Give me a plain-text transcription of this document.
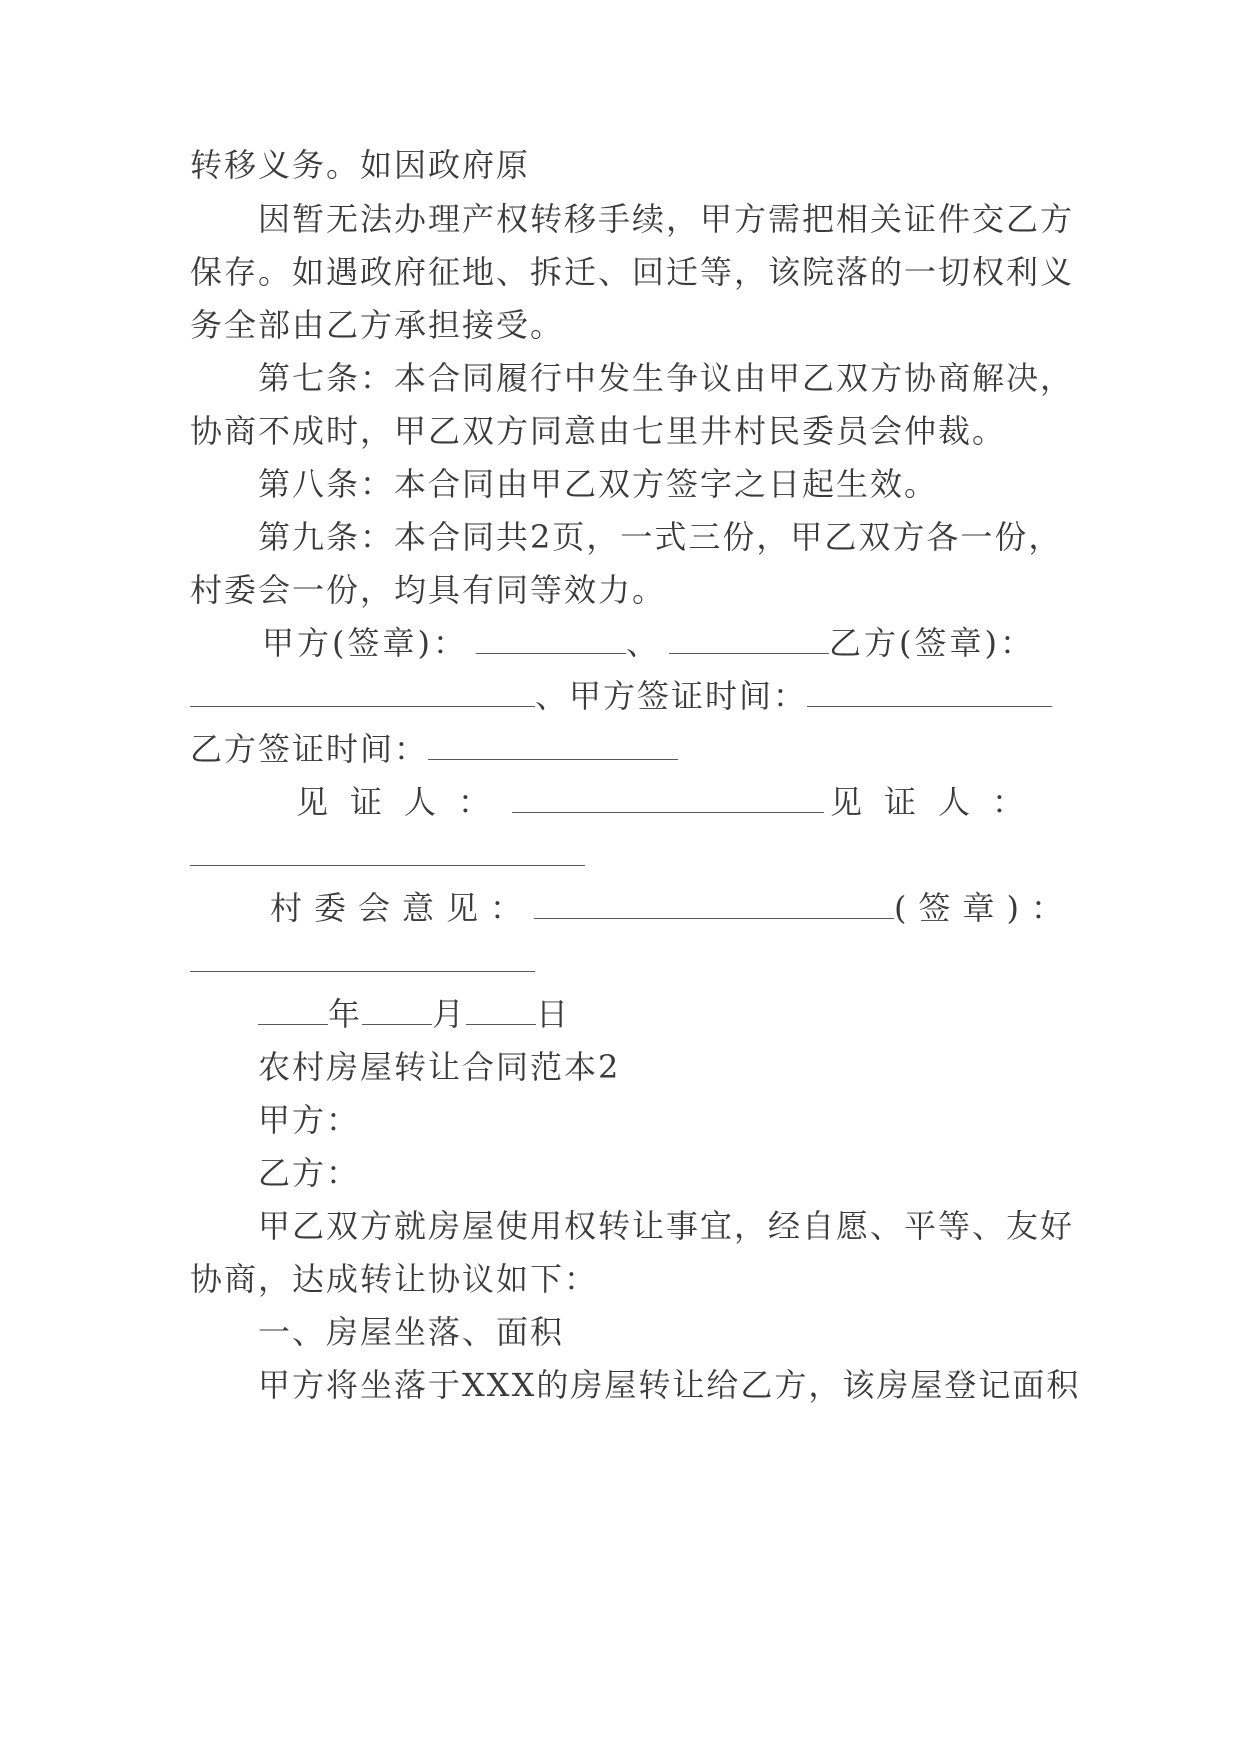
转移义务。如因政府原
因暂无法办理产权转移手续，甲方需把相关证件交乙方
保存。如遇政府征地、拆迁、回迁等，该院落的一切权利义
务全部由乙方承担接受。
第七条：本合同履行中发生争议由甲乙双方协商解决，
协商不成时，甲乙双方同意由七里井村民委员会仲裁。
第八条：本合同由甲乙双方签字之日起生效。
第九条：本合同共2页，一式三份，甲乙双方各一份，
村委会一份，均具有同等效力。
甲方(签章)：	、	乙方(签章)：
、甲方签证时间：
乙方签证时间：
见证人：	见证人：
村委会意见：	(签章)：
年 月 日
农村房屋转让合同范本2
甲方：
乙方：
甲乙双方就房屋使用权转让事宜，经自愿、平等、友好
协商，达成转让协议如下：
一、房屋坐落、面积
甲方将坐落于XXX的房屋转让给乙方，该房屋登记面积
